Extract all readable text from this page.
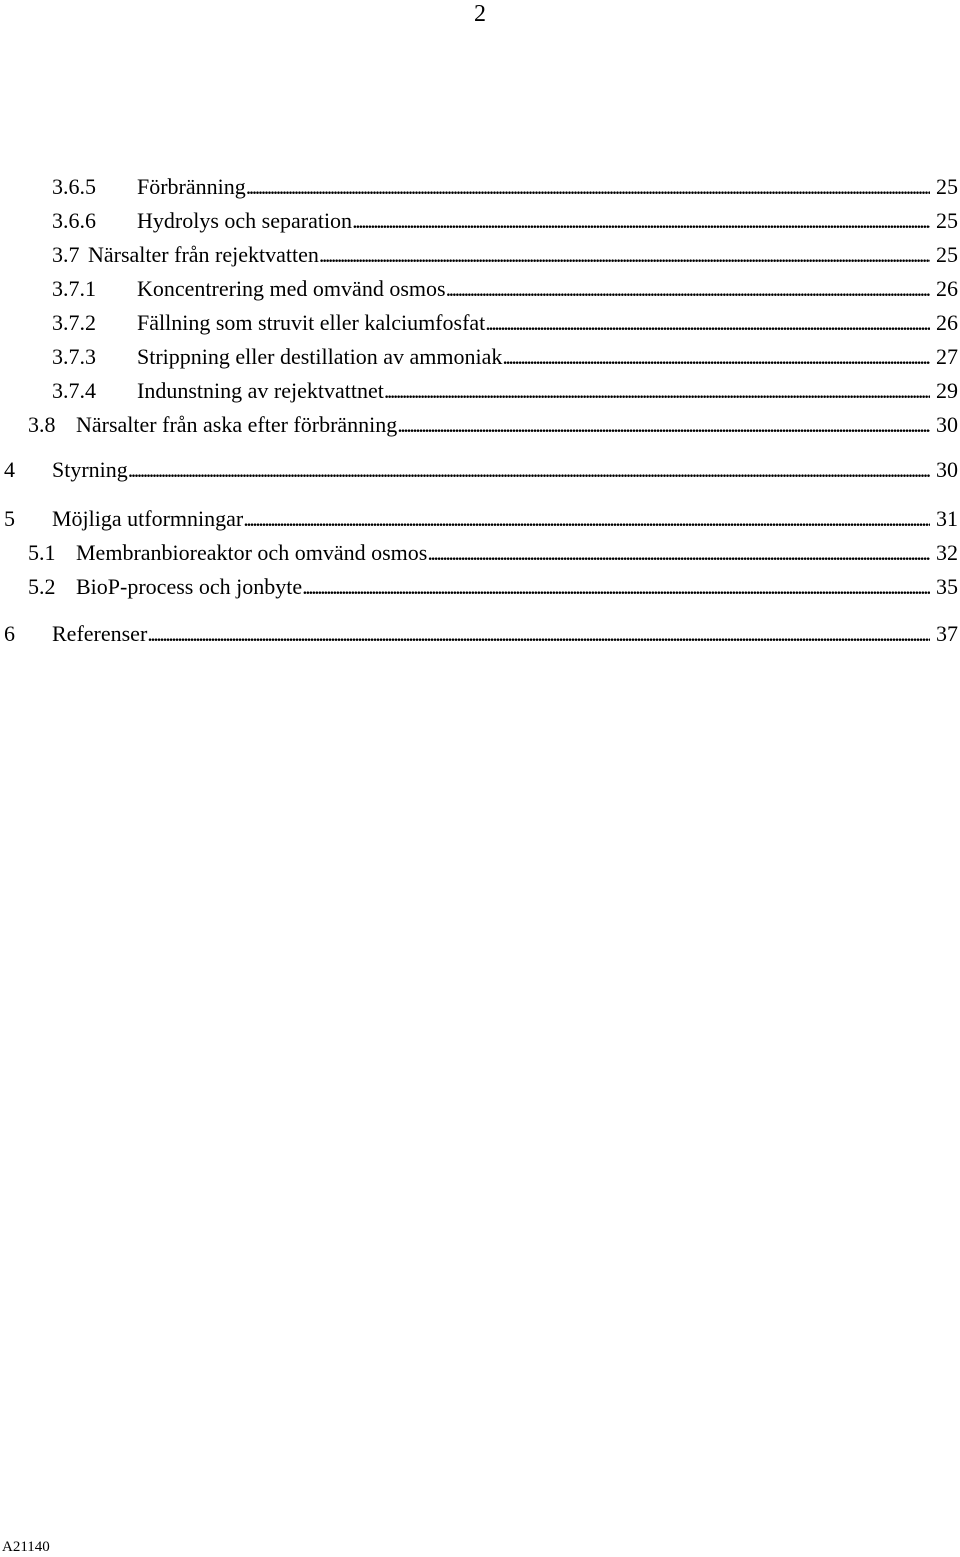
2
3.6.5	Förbränning . . .	25
3.6.6	Hydrolys och separation . . .	25
3.7 Närsalter från rejektvatten . . .	25
3.7.1	Koncentrering med omvänd osmos . . .	26
3.7.2	Fällning som struvit eller kalciumfosfat . . .	26
3.7.3	Strippning eller destillation av ammoniak . . .	27
3.7.4	Indunstning av rejektvattnet . . .	29
3.8 Närsalter från aska efter förbränning . . .	30
4	Styrning . . .	30
5	Möjliga utformningar . . .	31
5.1 Membranbioreaktor och omvänd osmos . . .	32
5.2 BioP-process och jonbyte . . .	35
6	Referenser . . .	37
A21140
